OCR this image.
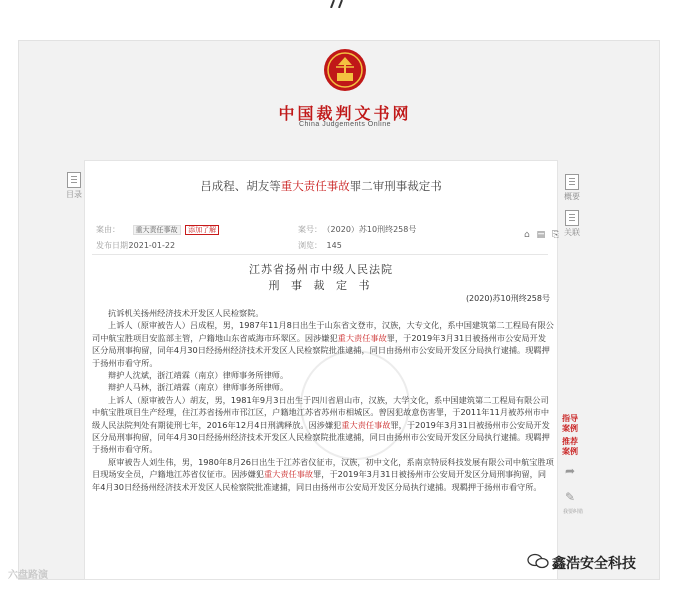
中国裁判文书网
China Judgements Online
目录	概要
关联
吕成程、胡友等重大责任事故罪二审刑事裁定书
案由： 重大责任事故 添加了解	案号： （2020）苏10刑终258号
发布日期： 2021-01-22	浏览： 145
⌂ ▤ ⎘
江苏省扬州市中级人民法院
刑 事 裁 定 书
(2020)苏10刑终258号

抗诉机关扬州经济技术开发区人民检察院。

上诉人（原审被告人）吕成程，男，1987年11月8日出生于山东省文登市，汉族，大专文化，系中国建筑第二工程局有限公司中航宝胜项目安监部主管，户籍地山东省威海市环翠区。因涉嫌犯重大责任事故罪，于2019年3月31日被扬州市公安局开发区分局刑事拘留，同年4月30日经扬州经济技术开发区人民检察院批准逮捕，同日由扬州市公安局开发区分局执行逮捕。现羁押于扬州市看守所。

辩护人沈斌，浙江靖霖（南京）律师事务所律师。

辩护人马林，浙江靖霖（南京）律师事务所律师。

上诉人（原审被告人）胡友，男，1981年9月3日出生于四川省眉山市，汉族，大学文化，系中国建筑第二工程局有限公司中航宝胜项目生产经理，住江苏省扬州市邗江区，户籍地江苏省苏州市相城区。曾因犯故意伤害罪，于2011年11月被苏州市中级人民法院判处有期徒刑七年，2016年12月4日刑满释放。因涉嫌犯重大责任事故罪，于2019年3月31日被扬州市公安局开发区分局刑事拘留，同年4月30日经扬州经济技术开发区人民检察院批准逮捕，同日由扬州市公安局开发区分局执行逮捕。现羁押于扬州市看守所。

原审被告人刘生伟，男，1980年8月26日出生于江苏省仪征市，汉族，初中文化，系南京特辰科技发展有限公司中航宝胜项目现场安全员，户籍地江苏省仪征市。因涉嫌犯重大责任事故罪，于2019年3月31日被扬州市公安局开发区分局刑事拘留，同年4月30日经扬州经济技术开发区人民检察院批准逮捕，同日由扬州市公安局开发区分局执行逮捕。现羁押于扬州市看守所。

指导
案例
推荐
案例
➦
✎
我要纠错
六盘路演
鑫浩安全科技
